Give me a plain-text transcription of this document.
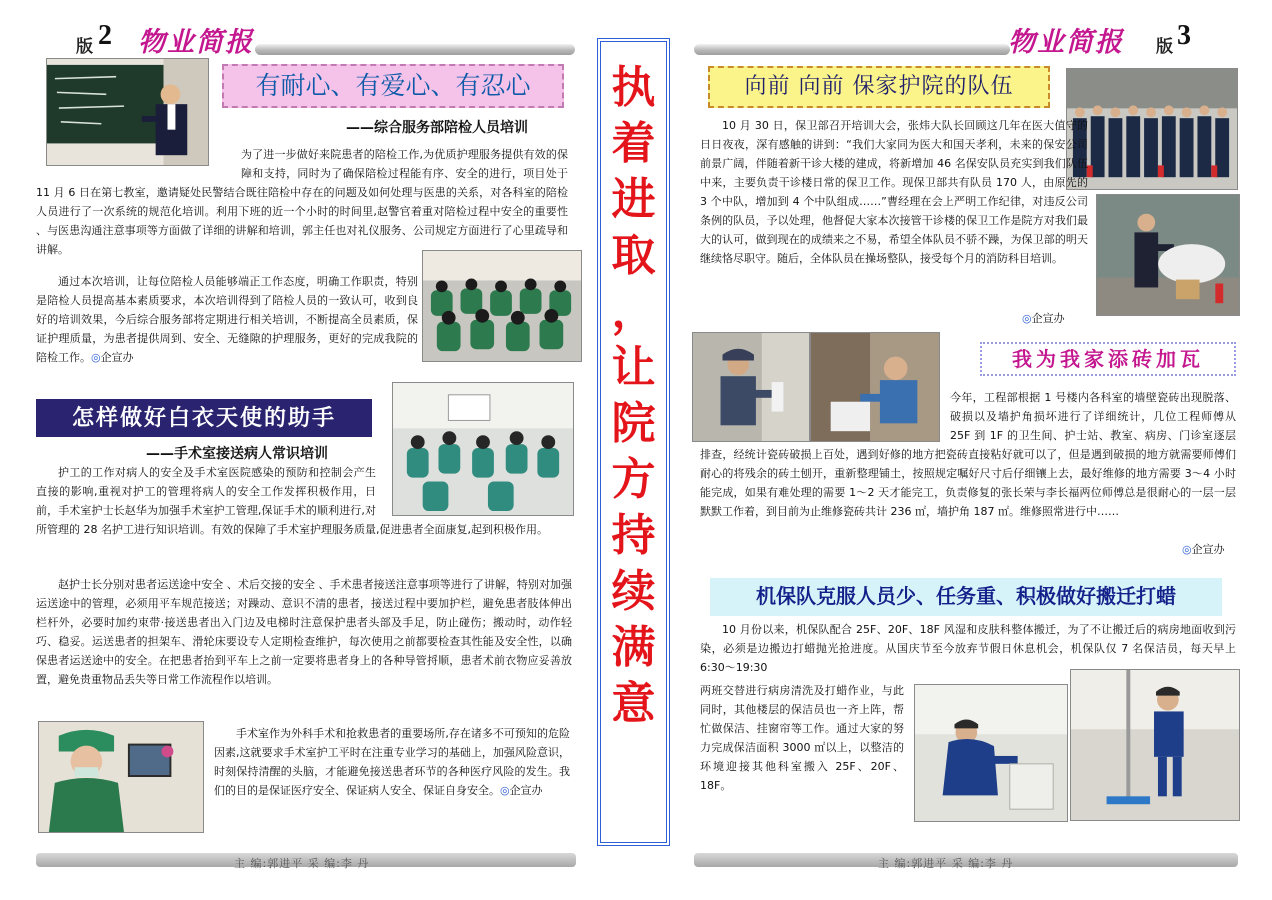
版 2 物业简报
有耐心、有爱心、有忍心
——综合服务部陪检人员培训
为了进一步做好来院患者的陪检工作,为优质护理服务提供有效的保障和支持，同时为了确保陪检过程能有序、安全的进行，项目处于 11 月 6 日在第七教室，邀请疑处民警结合既往陪检中存在的问题及如何处理与医患的关系，对各科室的陪检人员进行了一次系统的规范化培训。利用下班的近一个小时的时间里,赵警官着重对陪检过程中安全的重要性 、与医患沟通注意事项等方面做了详细的讲解和培训，郭主任也对礼仪服务、公司规定方面进行了心里疏导和讲解。
通过本次培训，让每位陪检人员能够端正工作态度，明确工作职责，特别是陪检人员提高基本素质要求，本次培训得到了陪检人员的一致认可，收到良好的培训效果，今后综合服务部将定期进行相关培训，不断提高全员素质，保证护理质量，为患者提供周到、安全、无缝隙的护理服务，更好的完成我院的陪检工作。◎企宣办
怎样做好白衣天使的助手
——手术室接送病人常识培训
护工的工作对病人的安全及手术室医院感染的预防和控制会产生直接的影响,重视对护工的管理将病人的安全工作发挥积极作用，日前，手术室护士长赵华为加强手术室护工管理,保证手术的顺利进行,对所管理的 28 名护工进行知识培训。有效的保障了手术室护理服务质量,促进患者全面康复,起到积极作用。
赵护士长分别对患者运送途中安全 、术后交接的安全 、手术患者接送注意事项等进行了讲解，特别对加强运送途中的管理，必须用平车规范接送；对躁动、意识不清的患者，接送过程中要加护栏，避免患者肢体伸出栏杆外，必要时加约束带·接送患者出入门边及电梯时注意保护患者头部及手足，防止碰伤；搬动时，动作轻巧、稳妥。运送患者的担架车、滑轮床要设专人定期检查维护，每次使用之前都要检查其性能及安全性，以确保患者运送途中的安全。在把患者抬到平车上之前一定要将患者身上的各种导管捋顺，患者术前衣物应妥善放置，避免贵重物品丢失等日常工作流程作以培训。
手术室作为外科手术和抢救患者的重要场所,存在诸多不可预知的危险因素,这就要求手术室护工平时在注重专业学习的基础上，加强风险意识，时刻保持清醒的头脑，才能避免接送患者环节的各种医疗风险的发生。我们的目的是保证医疗安全、保证病人安全、保证自身安全。◎企宣办
主 编:郭进平 采 编:李 丹
执
着
进
取
，
让
院
方
持
续
满
意
物业简报 版 3
向前 向前 保家护院的队伍
10 月 30 日，保卫部召开培训大会，张炜大队长回顾这几年在医大值守的日日夜夜，深有感触的讲到：“我们大家同为医大和国天孝利，未来的保安公司前景广阔，伴随着新干诊大楼的建成，将新增加 46 名保安队员充实到我们队伍中来，主要负责干诊楼日常的保卫工作。现保卫部共有队员 170 人，由原先的 3 个中队，增加到 4 个中队组成……”曹经理在会上严明工作纪律，对违反公司条例的队员，予以处理，他督促大家本次接管干诊楼的保卫工作是院方对我们最大的认可，做到现在的成绩来之不易，希望全体队员不骄不躁，为保卫部的明天继续恪尽职守。随后，全体队员在操场整队，接受每个月的消防科目培训。
◎企宣办
我为我家添砖加瓦
今年，工程部根据 1 号楼内各科室的墙壁瓷砖出现脱落、破损以及墙护角损坏进行了详细统计，几位工程师傅从 25F 到 1F 的卫生间、护士站、教室、病房、门诊室逐层排查，经统计瓷砖破损上百处，遇到好修的地方把瓷砖直接粘好就可以了，但是遇到破损的地方就需要师傅们耐心的将残余的砖土刨开，重新整理铺土，按照规定嘱好尺寸后仔细镶上去，最好维修的地方需要 3～4 小时能完成，如果有难处理的需要 1～2 天才能完工，负责修复的张长荣与李长福两位师傅总是很耐心的一层一层默默工作着，到目前为止维修瓷砖共计 236 ㎡，墙护角 187 ㎡。维修照常进行中……
◎企宣办
机保队克服人员少、任务重、积极做好搬迁打蜡
10 月份以来，机保队配合 25F、20F、18F 风湿和皮肤科整体搬迁，为了不让搬迁后的病房地面收到污染，必须是边搬边打蜡抛光抢进度。从国庆节至今放弃节假日休息机会，机保队仅 7 名保洁员，每天早上 6:30～19:30
两班交替进行病房清洗及打蜡作业，与此同时，其他楼层的保洁员也一齐上阵，帮忙做保洁、挂窗帘等工作。通过大家的努力完成保洁面积 3000 ㎡以上，以整洁的环境迎接其他科室搬入 25F、20F、18F。
主 编:郭进平 采 编:李 丹
